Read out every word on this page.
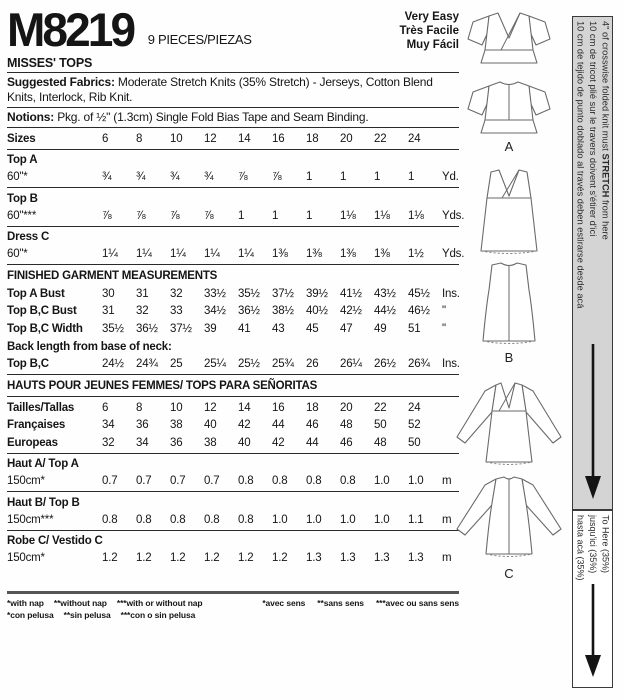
M8219 9 PIECES/PIEZAS
Very Easy
Très Facile
Muy Fácil
MISSES' TOPS

Suggested Fabrics: Moderate Stretch Knits (35% Stretch) - Jerseys, Cotton Blend Knits, Interlock, Rib Knit.

Notions: Pkg. of ½" (1.3cm) Single Fold Bias Tape and Seam Binding.

Sizes	6	8	10	12	14	16	18	20	22	24
Top A
60"*	¾	¾	¾	¾	⅞	⅞	1	1	1	1	Yd.
Top B
60"***	⅞	⅞	⅞	⅞	1	1	1	1⅛	1⅛	1⅛	Yds.
Dress C
60"*	1¼	1¼	1¼	1¼	1¼	1⅜	1⅜	1⅜	1⅜	1½	Yds.
FINISHED GARMENT MEASUREMENTS
Top A Bust	30	31	32	33½	35½	37½	39½	41½	43½	45½	Ins.
Top B,C Bust	31	32	33	34½	36½	38½	40½	42½	44½	46½	"
Top B,C Width	35½	36½	37½	39	41	43	45	47	49	51	"
Back length from base of neck:
Top B,C	24½	24¾	25	25¼	25½	25¾	26	26¼	26½	26¾	Ins.
HAUTS POUR JEUNES FEMMES/ TOPS PARA SEÑORITAS
Tailles/Tallas	6	8	10	12	14	16	18	20	22	24
Françaises	34	36	38	40	42	44	46	48	50	52
Europeas	32	34	36	38	40	42	44	46	48	50
Haut A/ Top A
150cm*	0.7	0.7	0.7	0.7	0.8	0.8	0.8	0.8	1.0	1.0	m
Haut B/ Top B
150cm***	0.8	0.8	0.8	0.8	0.8	1.0	1.0	1.0	1.0	1.1	m
Robe C/ Vestido C
150cm*	1.2	1.2	1.2	1.2	1.2	1.2	1.3	1.3	1.3	1.3	m
*with nap **without nap ***with or without nap	*avec sens **sans sens ***avec ou sans sens
*con pelusa **sin pelusa ***con o sin pelusa
A
B
C
4" of crosswise folded knit must STRETCH from here
10 cm de tricot plié sur le travers doivent s'étirer d'ici
10 cm de tejido de punto doblado al través deben estirarse desde acá
To Here (35%)
jusqu'ici (35%)
hasta acá (35%)
